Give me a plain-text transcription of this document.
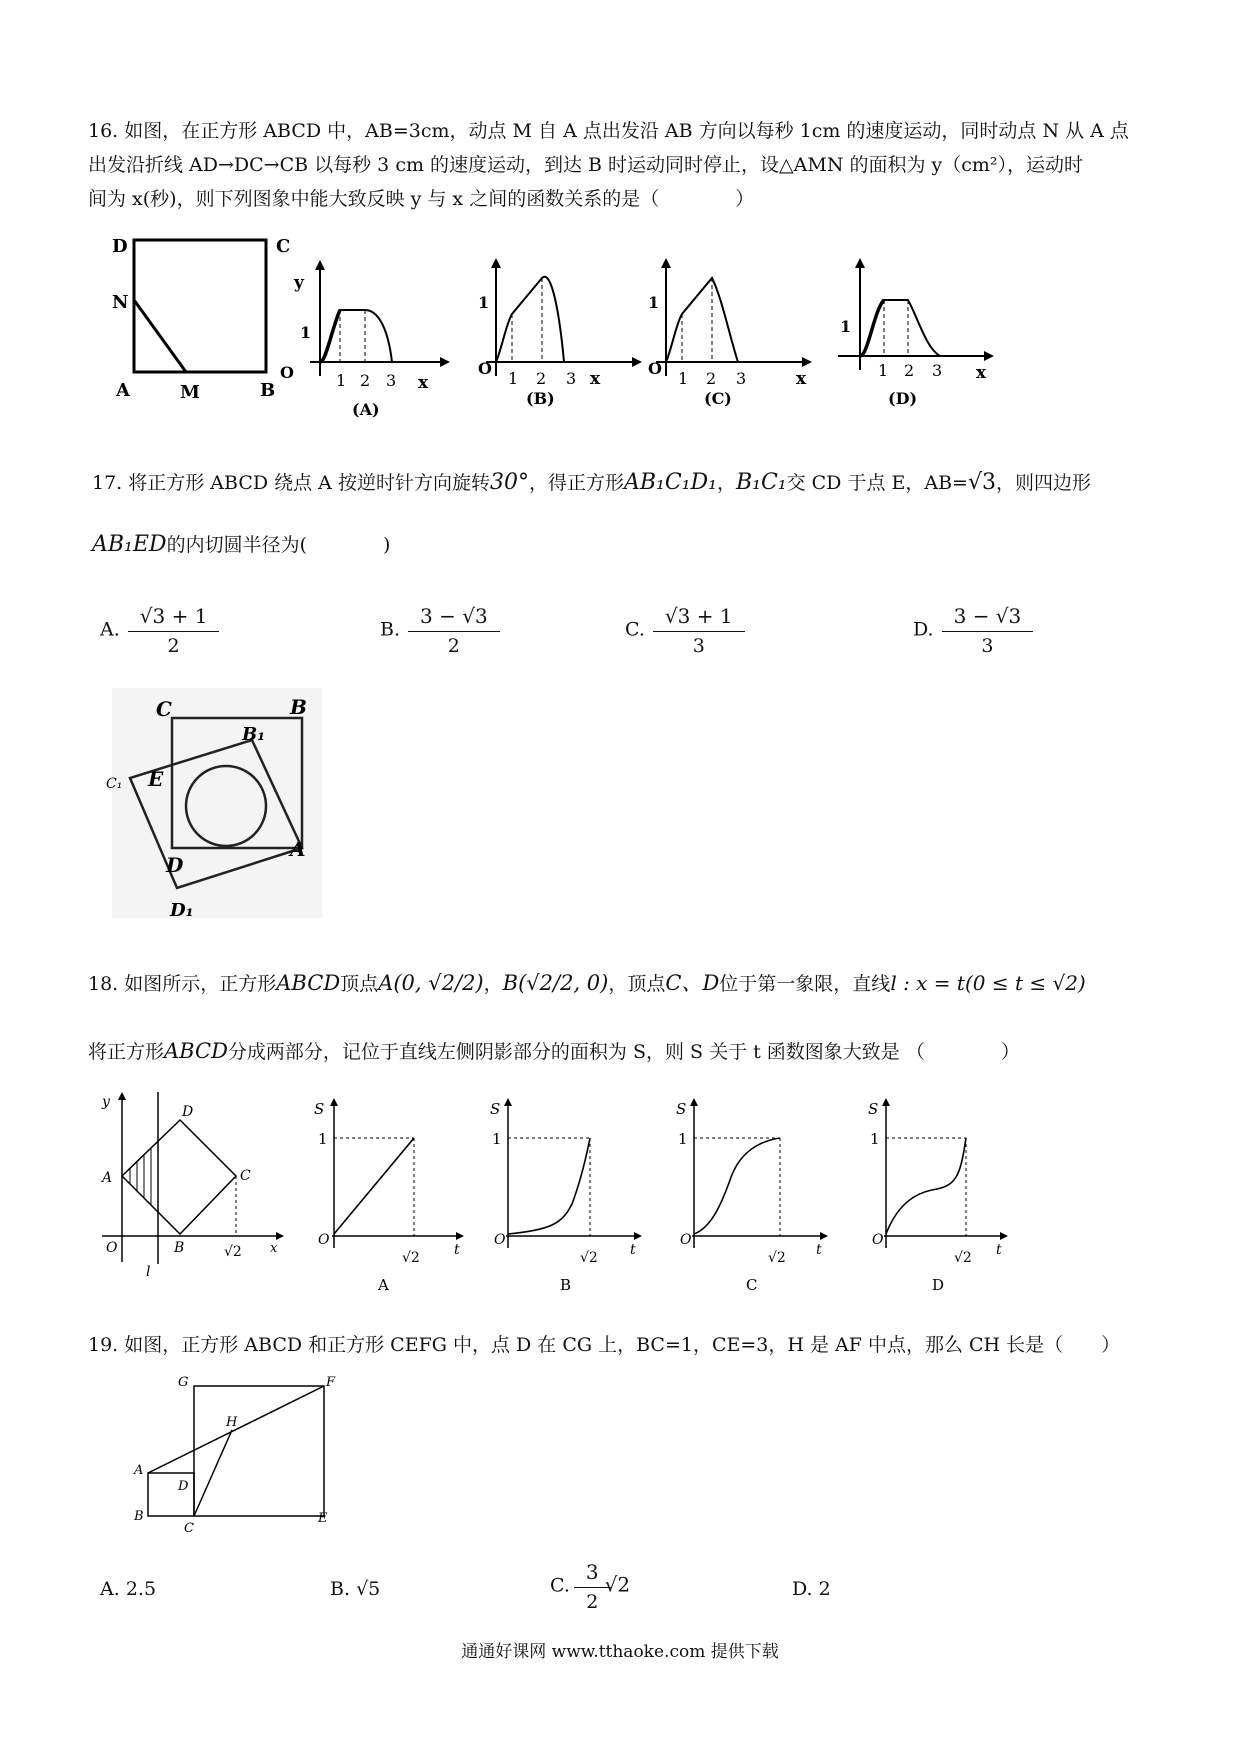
16. 如图，在正方形 ABCD 中，AB=3cm，动点 M 自 A 点出发沿 AB 方向以每秒 1cm 的速度运动，同时动点 N 从 A 点
出发沿折线 AD→DC→CB 以每秒 3 cm 的速度运动，到达 B 时运动同时停止，设△AMN 的面积为 y（cm²），运动时
间为 x(秒)，则下列图象中能大致反映 y 与 x 之间的函数关系的是（　　　　）
D	C
N
A	M	B
y
1
O	1 2 3 x
(A)
1
O
1 2 3 x
(B)
1
O
1 2 3	x
(C)
1
1 2 3 x
(D)
17. 将正方形 ABCD 绕点 A 按逆时针方向旋转30°，得正方形AB₁C₁D₁，B₁C₁交 CD 于点 E，AB=√3，则四边形
AB₁ED的内切圆半径为(　　　　)
A. $\frac{√3 + 1}{2}$	B. $\frac{3 - √3}{2}$	C. $\frac{√3 + 1}{3}$	D. $\frac{3 - √3}{3}$
C	B
B₁
E
C₁
D
A
D₁
18. 如图所示，正方形ABCD顶点A(0, √2/2)，B(√2/2, 0)，顶点C、D位于第一象限，直线l : x = t(0 ≤ t ≤ √2)
将正方形ABCD分成两部分，记位于直线左侧阴影部分的面积为 S，则 S 关于 t 函数图象大致是 （　　　　）
y
A
D
C
O	B	√2 x
l
S
1
O
√2 t
A
S
1
O
√2 t
B
S
1
O
√2 t
C
S
1
O
√2 t
D
19. 如图，正方形 ABCD 和正方形 CEFG 中，点 D 在 CG 上，BC=1，CE=3，H 是 AF 中点，那么 CH 长是（　　）
G	F
H
A
D
B
C
E
A. 2.5	B. √5	C. $\frac{3}{2} √2$	D. 2
通通好课网 www.tthaoke.com 提供下载
